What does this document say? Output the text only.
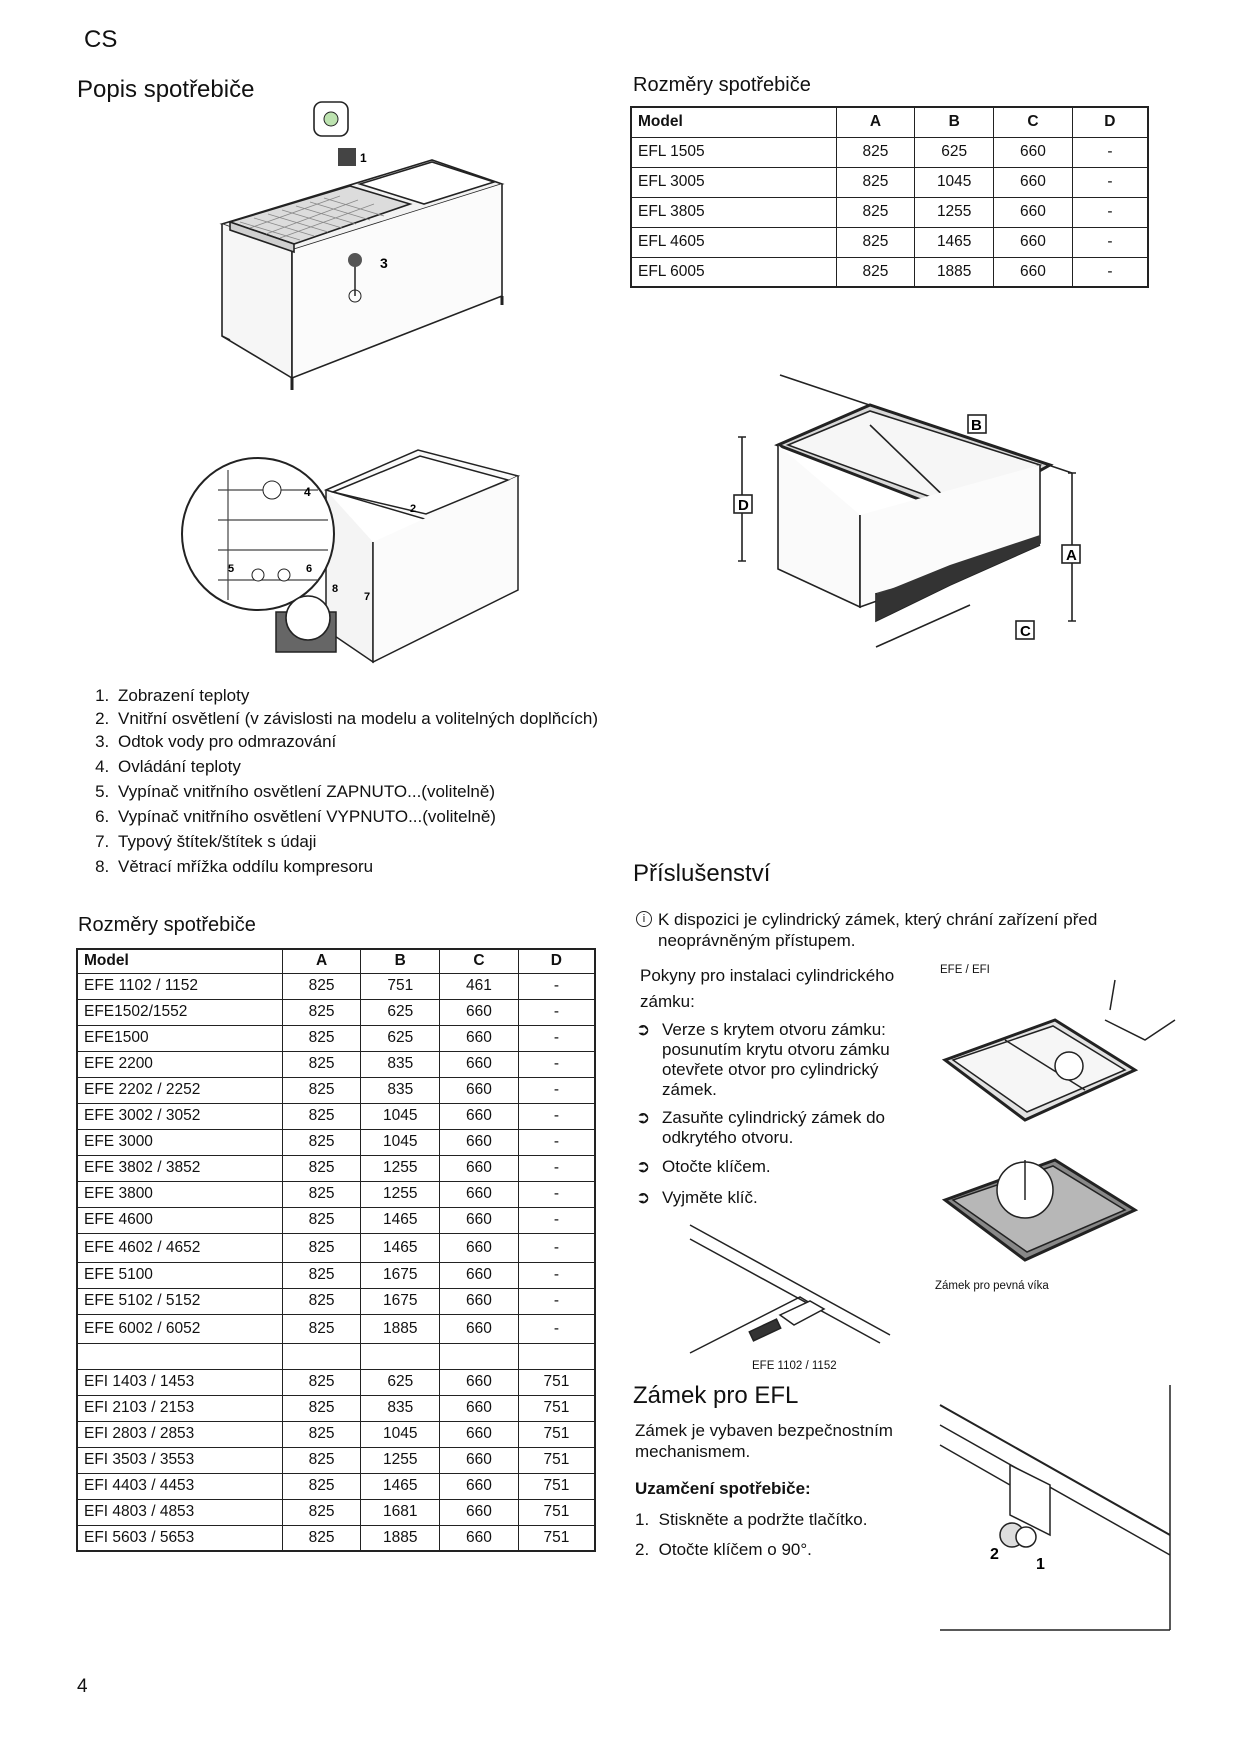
CS
Popis spotřebiče
1
3
4
2
5	6
7
8
1. Zobrazení teploty
2. Vnitřní osvětlení (v závislosti na modelu a volitelných doplňcích)
3. Odtok vody pro odmrazování
4. Ovládání teploty
5. Vypínač vnitřního osvětlení ZAPNUTO...(volitelně)
6. Vypínač vnitřního osvětlení VYPNUTO...(volitelně)
7. Typový štítek/štítek s údaji
8. Větrací mřížka oddílu kompresoru
Rozměry spotřebiče
Model	A	B	C	D
EFE 1102 / 1152	825	751	461	-
EFE1502/1552	825	625	660	-
EFE1500	825	625	660	-
EFE 2200	825	835	660	-
EFE 2202 / 2252	825	835	660	-
EFE 3002 / 3052	825	1045	660	-
EFE 3000	825	1045	660	-
EFE 3802 / 3852	825	1255	660	-
EFE 3800	825	1255	660	-
EFE 4600	825	1465	660	-
EFE 4602 / 4652	825	1465	660	-
EFE 5100	825	1675	660	-
EFE 5102 / 5152	825	1675	660	-
EFE 6002 / 6052	825	1885	660	-

EFI 1403 / 1453	825	625	660	751
EFI 2103 / 2153	825	835	660	751
EFI 2803 / 2853	825	1045	660	751
EFI 3503 / 3553	825	1255	660	751
EFI 4403 / 4453	825	1465	660	751
EFI 4803 / 4853	825	1681	660	751
EFI 5603 / 5653	825	1885	660	751
Rozměry spotřebiče
Model	A	B	C	D
EFL 1505	825	625	660	-
EFL 3005	825	1045	660	-
EFL 3805	825	1255	660	-
EFL 4605	825	1465	660	-
EFL 6005	825	1885	660	-
B
D
A
C
Příslušenství
i K dispozici je cylindrický zámek, který chrání zařízení před neoprávněným přístupem.
Pokyny pro instalaci cylindrického zámku:
EFE / EFI
➲ Verze s krytem otvoru zámku: posunutím krytu otvoru zámku otevřete otvor pro cylindrický zámek.
➲ Zasuňte cylindrický zámek do odkrytého otvoru.
➲ Otočte klíčem.
➲ Vyjměte klíč.
Zámek pro pevná víka
EFE 1102 / 1152
Zámek pro EFL
Zámek je vybaven bezpečnostním mechanismem.
Uzamčení spotřebiče:
1.  Stiskněte a podržte tlačítko.
2.  Otočte klíčem o 90°.	2
1
4
